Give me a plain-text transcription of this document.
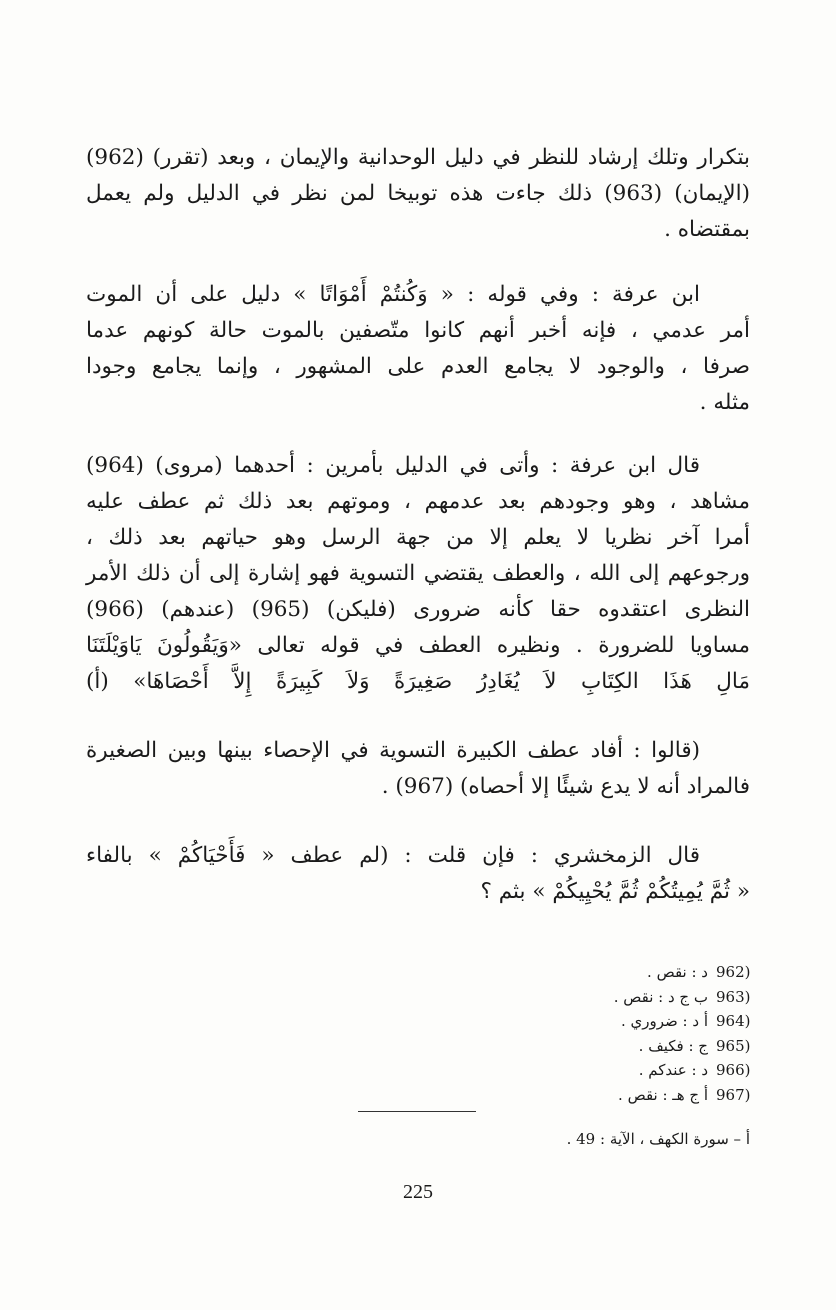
بتكرار وتلك إرشاد للنظر في دليل الوحدانية والإيمان ، وبعد (تقرر) (962)
(الإيمان) (963) ذلك جاءت هذه توبيخا لمن نظر في الدليل ولم يعمل
بمقتضاه .
ابن عرفة : وفي قوله : « وَكُنتُمْ أَمْوَاتًا » دليل على أن الموت
أمر عدمي ، فإنه أخبر أنهم كانوا متّصفين بالموت حالة كونهم عدما
صرفا ، والوجود لا يجامع العدم على المشهور ، وإنما يجامع وجودا
مثله .
قال ابن عرفة : وأتى في الدليل بأمرين : أحدهما (مروى) (964)
مشاهد ، وهو وجودهم بعد عدمهم ، وموتهم بعد ذلك ثم عطف عليه
أمرا آخر نظريا لا يعلم إلا من جهة الرسل وهو حياتهم بعد ذلك ،
ورجوعهم إلى الله ، والعطف يقتضي التسوية فهو إشارة إلى أن ذلك الأمر
النظرى اعتقدوه حقا كأنه ضرورى (فليكن) (965) (عندهم) (966)
مساويا للضرورة . ونظيره العطف في قوله تعالى «وَيَقُولُونَ يَاوَيْلَتَنَا
مَالِ هَذَا الكِتَابِ لاَ يُغَادِرُ صَغِيرَةً وَلاَ كَبِيرَةً إِلاَّ أَحْصَاهَا» (أ)
(قالوا : أفاد عطف الكبيرة التسوية في الإحصاء بينها وبين الصغيرة
فالمراد أنه لا يدع شيئًا إلا أحصاه) (967) .
قال الزمخشري : فإن قلت : (لم عطف « فَأَحْيَاكُمْ » بالفاء
« ثُمَّ يُمِيتُكُمْ ثُمَّ يُحْيِيكُمْ » بثم ؟
962)د : نقص .
963)ب ج د : نقص .
964)أ د : ضروري .
965)ج : فكيف .
966)د : عندكم .
967)أ ج هـ : نقص .
أ – سورة الكهف ، الآية : 49 .
225
